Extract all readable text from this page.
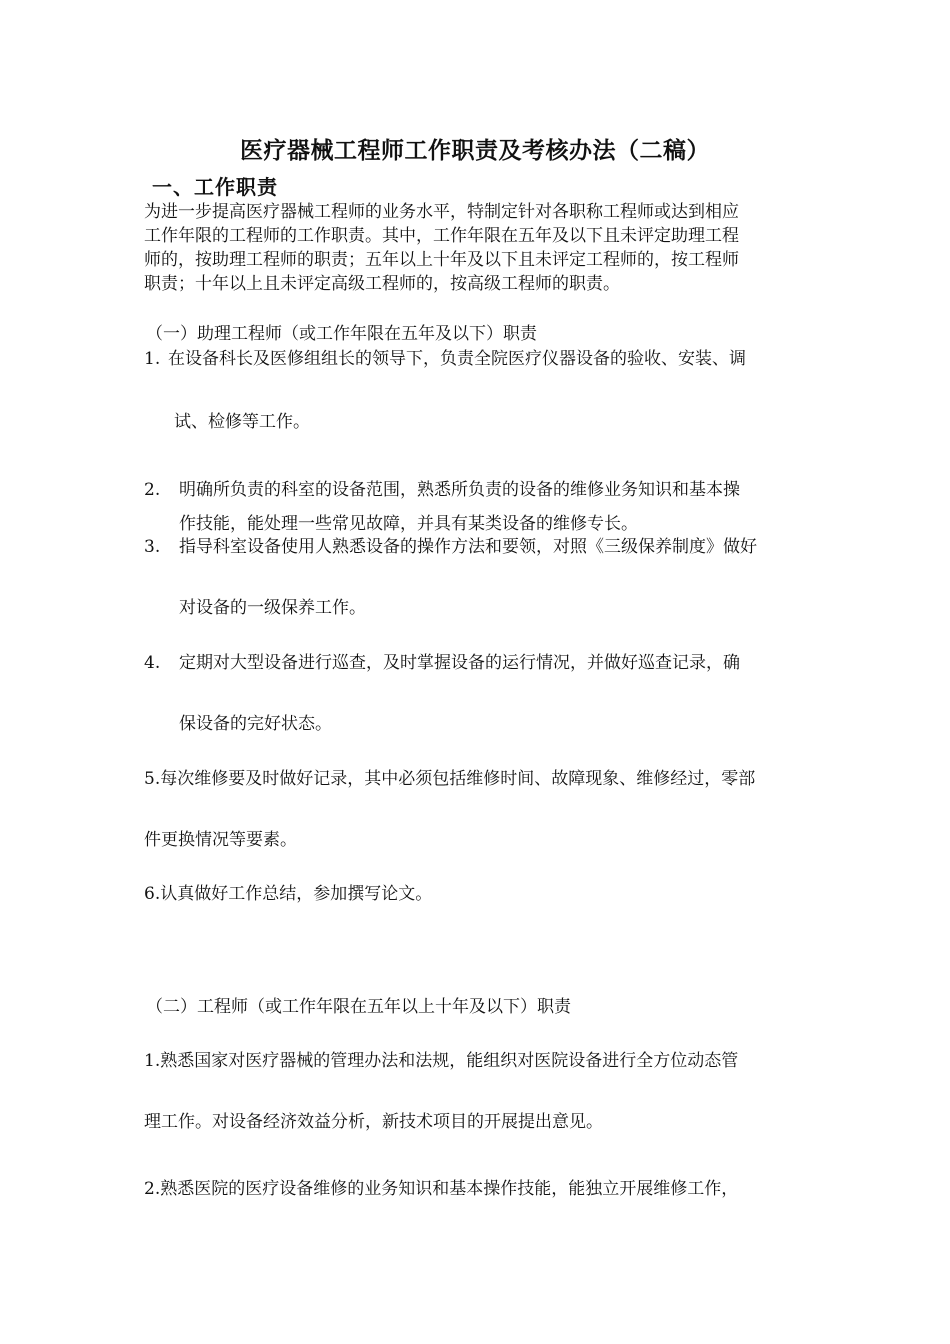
医疗器械工程师工作职责及考核办法（二稿）
一、工作职责
为进一步提高医疗器械工程师的业务水平，特制定针对各职称工程师或达到相应
工作年限的工程师的工作职责。其中，工作年限在五年及以下且未评定助理工程
师的，按助理工程师的职责；五年以上十年及以下且未评定工程师的，按工程师
职责；十年以上且未评定高级工程师的，按高级工程师的职责。
（一）助理工程师（或工作年限在五年及以下）职责
1. 在设备科长及医修组组长的领导下，负责全院医疗仪器设备的验收、安装、调
试、检修等工作。
2. 明确所负责的科室的设备范围，熟悉所负责的设备的维修业务知识和基本操
作技能，能处理一些常见故障，并具有某类设备的维修专长。
3. 指导科室设备使用人熟悉设备的操作方法和要领，对照《三级保养制度》做好
对设备的一级保养工作。
4. 定期对大型设备进行巡查，及时掌握设备的运行情况，并做好巡查记录，确
保设备的完好状态。
5.每次维修要及时做好记录，其中必须包括维修时间、故障现象、维修经过，零部
件更换情况等要素。
6.认真做好工作总结，参加撰写论文。
（二）工程师（或工作年限在五年以上十年及以下）职责
1.熟悉国家对医疗器械的管理办法和法规，能组织对医院设备进行全方位动态管
理工作。对设备经济效益分析，新技术项目的开展提出意见。
2.熟悉医院的医疗设备维修的业务知识和基本操作技能，能独立开展维修工作，
